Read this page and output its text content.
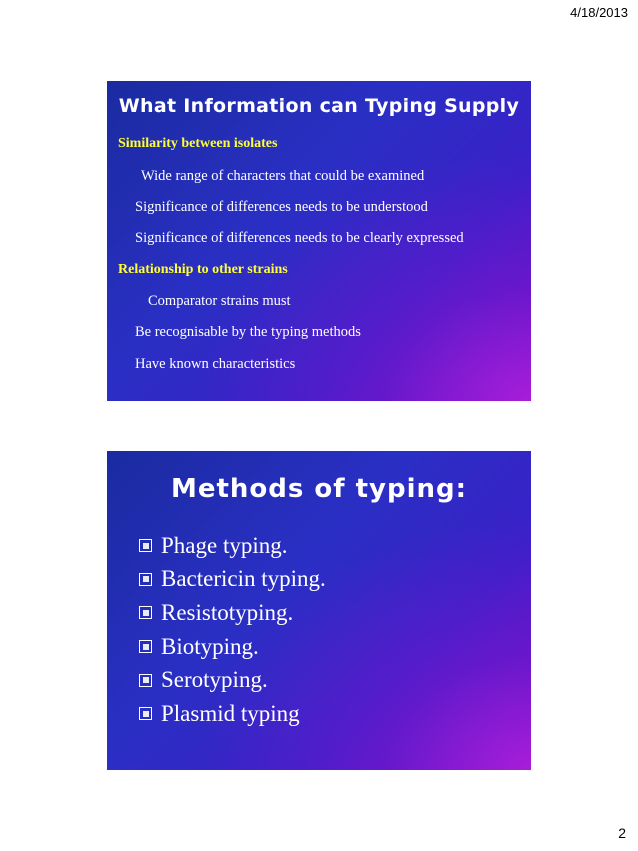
4/18/2013
What Information can Typing Supply
Similarity between isolates
Wide range of characters that could be examined
Significance of differences needs to be understood
Significance of differences needs to be clearly expressed
Relationship to other strains
Comparator strains must
Be recognisable by the typing methods
Have known characteristics
Methods of typing:
Phage typing.
Bactericin typing.
Resistotyping.
Biotyping.
Serotyping.
Plasmid typing
2
